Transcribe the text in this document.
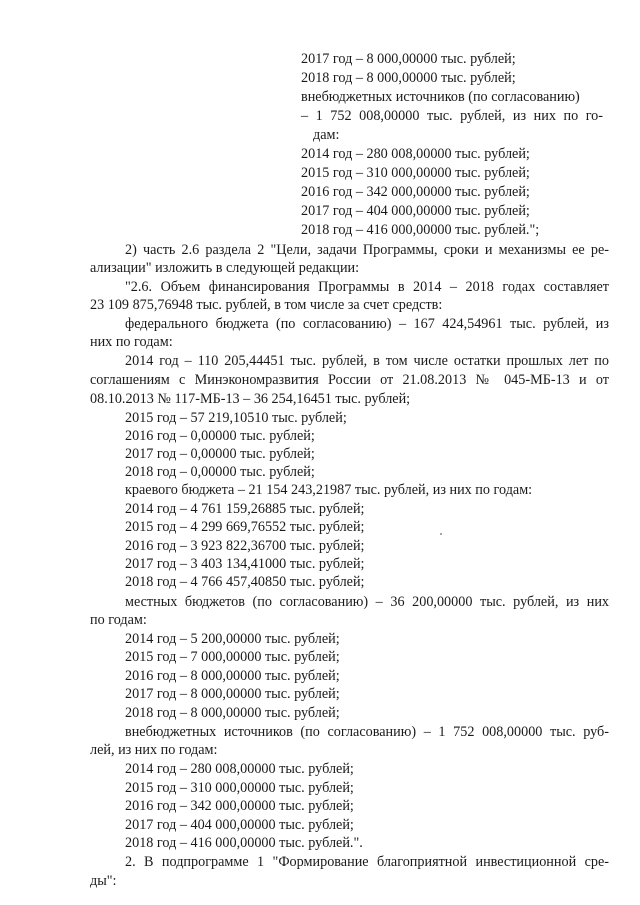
2017 год – 8 000,00000 тыс. рублей;
2018 год – 8 000,00000 тыс. рублей;
внебюджетных источников (по согласованию)
– 1 752 008,00000 тыс. рублей, из них по го-
дам:
2014 год – 280 008,00000 тыс. рублей;
2015 год – 310 000,00000 тыс. рублей;
2016 год – 342 000,00000 тыс. рублей;
2017 год – 404 000,00000 тыс. рублей;
2018 год – 416 000,00000 тыс. рублей.";
2) часть 2.6 раздела 2 "Цели, задачи Программы, сроки и механизмы ее ре-
ализации" изложить в следующей редакции:
"2.6. Объем финансирования Программы в 2014 – 2018 годах составляет
23 109 875,76948 тыс. рублей, в том числе за счет средств:
федерального бюджета (по согласованию) – 167 424,54961 тыс. рублей, из
них по годам:
2014 год – 110 205,44451 тыс. рублей, в том числе остатки прошлых лет по
соглашениям с Минэкономразвития России от 21.08.2013 № 045-МБ-13 и от
08.10.2013 № 117-МБ-13 – 36 254,16451 тыс. рублей;
2015 год – 57 219,10510 тыс. рублей;
2016 год – 0,00000 тыс. рублей;
2017 год – 0,00000 тыс. рублей;
2018 год – 0,00000 тыс. рублей;
краевого бюджета – 21 154 243,21987 тыс. рублей, из них по годам:
2014 год – 4 761 159,26885 тыс. рублей;
2015 год – 4 299 669,76552 тыс. рублей;
2016 год – 3 923 822,36700 тыс. рублей;
2017 год – 3 403 134,41000 тыс. рублей;
2018 год – 4 766 457,40850 тыс. рублей;
местных бюджетов (по согласованию) – 36 200,00000 тыс. рублей, из них
по годам:
2014 год – 5 200,00000 тыс. рублей;
2015 год – 7 000,00000 тыс. рублей;
2016 год – 8 000,00000 тыс. рублей;
2017 год – 8 000,00000 тыс. рублей;
2018 год – 8 000,00000 тыс. рублей;
внебюджетных источников (по согласованию) – 1 752 008,00000 тыс. руб-
лей, из них по годам:
2014 год – 280 008,00000 тыс. рублей;
2015 год – 310 000,00000 тыс. рублей;
2016 год – 342 000,00000 тыс. рублей;
2017 год – 404 000,00000 тыс. рублей;
2018 год – 416 000,00000 тыс. рублей.".
2. В подпрограмме 1 "Формирование благоприятной инвестиционной сре-
ды":
